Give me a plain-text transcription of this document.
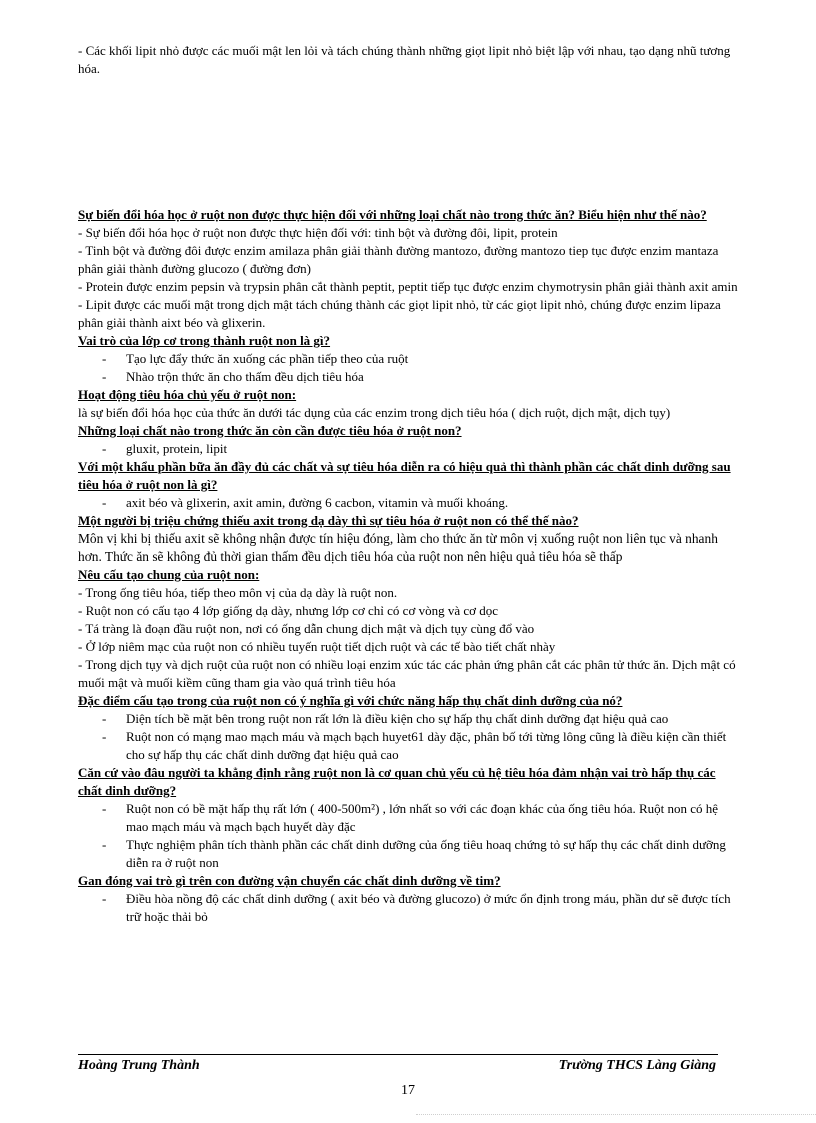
- Các khối lipit nhỏ được các muối mật len lỏi và tách chúng thành những giọt lipit nhỏ biệt lập với nhau, tạo dạng nhũ tương hóa.

Sự biến đổi hóa học ở ruột non được thực hiện đối với những loại chất nào trong thức ăn? Biểu hiện như thế nào?

- Sự biến đổi hóa học ở ruột non được thực hiện đối với: tinh bột và đường đôi, lipit, protein

- Tinh bột và đường đôi được enzim amilaza phân giải thành đường mantozo, đường mantozo tiep tục được enzim mantaza phân giải thành đường glucozo ( đường đơn)

- Protein được enzim pepsin và trypsin phân cắt thành peptit, peptit tiếp tục được enzim chymotrysin phân giải thành axit amin

- Lipit được các muối mật trong dịch mật tách chúng thành các giọt lipit nhỏ, từ các giọt lipit nhỏ, chúng được enzim lipaza phân giải thành aixt béo và glixerin.

Vai trò của lớp cơ trong thành ruột non là gì?

- Tạo lực đẩy thức ăn xuống các phần tiếp theo của ruột
- Nhào trộn thức ăn cho thấm đều dịch tiêu hóa

Hoạt động tiêu hóa chủ yếu ở ruột non:

là sự biến đổi hóa học của thức ăn dưới tác dụng của các enzim trong dịch tiêu hóa ( dịch ruột, dịch mật, dịch tụy)

Những loại chất nào trong thức ăn còn cần được tiêu hóa ở ruột non?

- gluxit, protein, lipit

Với một khẩu phần bữa ăn đầy đủ các chất và sự tiêu hóa diễn ra có hiệu quả thì thành phần các chất dinh dưỡng sau tiêu hóa ở ruột non là gì?

- axit béo và glixerin, axit amin, đường 6 cacbon, vitamin và muối khoáng.

Một người bị triệu chứng thiếu axit trong dạ dày thì sự tiêu hóa ở ruột non có thể thế nào?

Môn vị khi bị thiếu axit sẽ không nhận được tín hiệu đóng, làm cho thức ăn từ môn vị xuống ruột non liên tục và nhanh hơn. Thức ăn sẽ không đủ thời gian thấm đều dịch tiêu hóa của ruột non nên hiệu quả tiêu hóa sẽ thấp

Nêu cấu tạo chung của ruột non:

- Trong ống tiêu hóa, tiếp theo môn vị của dạ dày là ruột non.

- Ruột non có cấu tạo 4 lớp giống dạ dày, nhưng lớp cơ chỉ có cơ vòng và cơ dọc

- Tá tràng là đoạn đầu ruột non, nơi có ống dẫn chung dịch mật và dịch tụy cùng đổ vào

- Ở lớp niêm mạc của ruột non có nhiều tuyến ruột tiết dịch ruột và các tế bào tiết chất nhày

- Trong dịch tụy và dịch ruột của ruột non có nhiều loại enzim xúc tác các phản ứng phân cắt các phân tử thức ăn. Dịch mật có muối mật và muối kiềm cũng tham gia vào quá trình tiêu hóa

Đặc điểm cấu tạo trong của ruột non có ý nghĩa gì với chức năng hấp thụ chất dinh dưỡng của nó?

- Diện tích bề mặt bên trong ruột non rất lớn là điều kiện cho sự hấp thụ chất dinh dưỡng đạt hiệu quả cao
- Ruột non có mạng mao mạch máu và mạch bạch huyet61 dày đặc, phân bố tới từng lông cũng là điều kiện cần thiết cho sự hấp thụ các chất dinh dưỡng đạt hiệu quả cao

Căn cứ vào đâu người ta khẳng định rằng ruột non là cơ quan chủ yếu củ hệ tiêu hóa đảm nhận vai trò hấp thụ các chất dinh dưỡng?

- Ruột non có bề mặt hấp thụ rất lớn ( 400-500m²) , lớn nhất so với các đoạn khác của ống tiêu hóa. Ruột non có hệ mao mạch máu và mạch bạch huyết dày đặc
- Thực nghiệm phân tích thành phần các chất dinh dưỡng của ống tiêu hoaq chứng tỏ sự hấp thụ các chất dinh dưỡng diễn ra ở ruột non

Gan đóng vai trò gì trên con đường vận chuyển các chất dinh dưỡng về tim?

- Điều hòa nồng độ các chất dinh dưỡng ( axit béo và đường glucozo) ở mức ổn định trong máu, phần dư sẽ được tích trữ hoặc thải bỏ
Hoàng Trung Thành	Trường THCS Làng Giàng
17
